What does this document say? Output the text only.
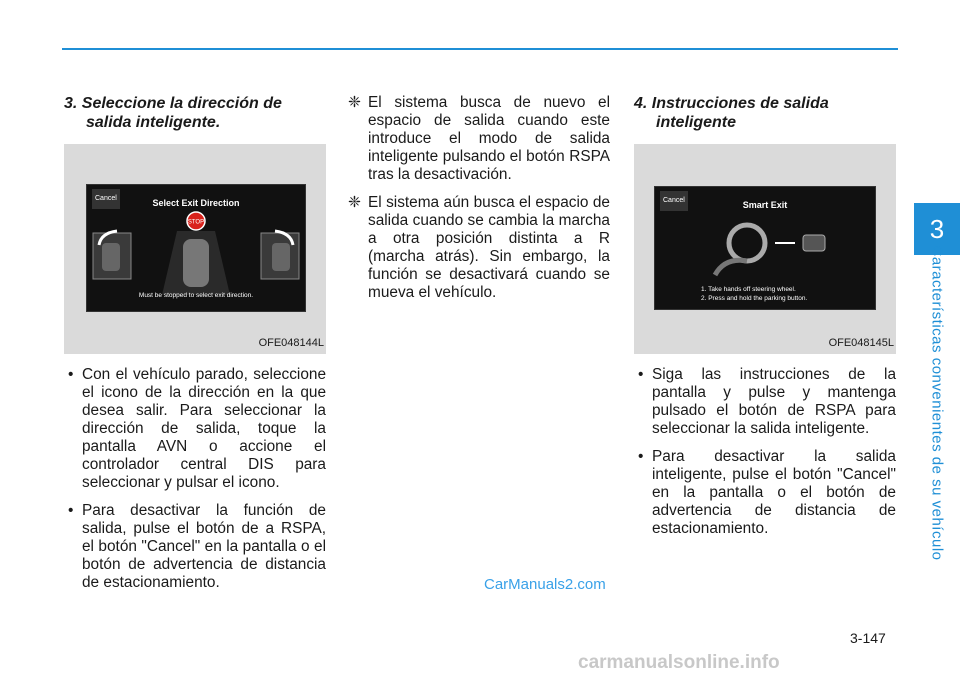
3
Características convenientes de su vehículo

3. Seleccione la dirección de salida inteligente.

Cancel	Select Exit Direction
STOP
Must be stopped to select exit direction.
OFE048144L
• Con el vehículo parado, seleccione el icono de la dirección en la que desea salir. Para seleccionar la dirección de salida, toque la pantalla AVN o accione el controlador central DIS para seleccionar y pulsar el icono.
• Para desactivar la función de salida, pulse el botón de a RSPA, el botón "Cancel" en la pantalla o el botón de advertencia de distancia de estacionamiento.
❈ El sistema busca de nuevo el espacio de salida cuando este introduce el modo de salida inteligente pulsando el botón RSPA tras la desactivación.
❈ El sistema aún busca el espacio de salida cuando se cambia la marcha a otra posición distinta a R (marcha atrás). Sin embargo, la función se desactivará cuando se mueva el vehículo.

4. Instrucciones de salida inteligente

Cancel	Smart Exit
1. Take hands off steering wheel.
2. Press and hold the parking button.
OFE048145L
• Siga las instrucciones de la pantalla y pulse y mantenga pulsado el botón de RSPA para seleccionar la salida inteligente.
• Para desactivar la salida inteligente, pulse el botón "Cancel" en la pantalla o el botón de advertencia de distancia de estacionamiento.
CarManuals2.com
3-147
carmanualsonline.info
